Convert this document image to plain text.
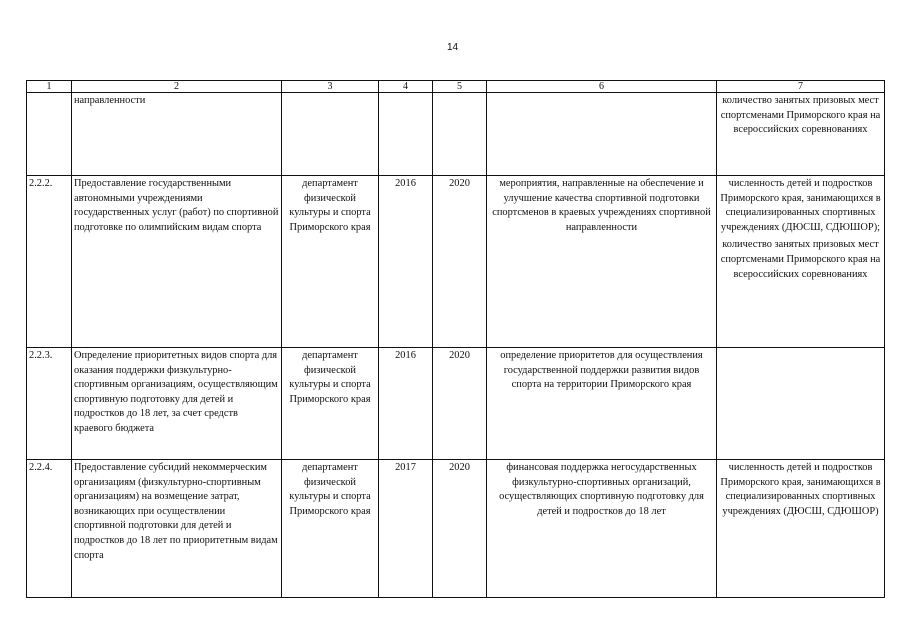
14
1	2	3	4	5	6	7
	направленности					количество занятых призовых мест спортсменами Приморского края на всероссийских соревнованиях

2.2.2.	Предоставление государственными автономными учреждениями государственных услуг (работ) по спортивной подготовке по олимпийским видам спорта	департамент физической культуры и спорта Приморского края	2016	2020	мероприятия, направленные на обеспечение и улучшение качества спортивной подготовки спортсменов в краевых учреждениях спортивной направленности	численность детей и подростков Приморского края, занимающихся в специализированных спортивных учреждениях (ДЮСШ, СДЮШОР);
количество занятых призовых мест спортсменами Приморского края на всероссийских соревнованиях

2.2.3.	Определение приоритетных видов спорта для оказания поддержки физкультурно-спортивным организациям, осуществляющим спортивную подготовку для детей и подростков до 18 лет, за счет средств краевого бюджета	департамент физической культуры и спорта Приморского края	2016	2020	определение приоритетов для осуществления государственной поддержки развития видов спорта на территории Приморского края	
2.2.4.	Предоставление субсидий некоммерческим организациям (физкультурно-спортивным организациям) на возмещение затрат, возникающих при осуществлении спортивной подготовки для детей и подростков до 18 лет по приоритетным видам спорта	департамент физической культуры и спорта Приморского края	2017	2020	финансовая поддержка негосударственных физкультурно-спортивных организаций, осуществляющих спортивную подготовку для детей и подростков до 18 лет	численность детей и подростков Приморского края, занимающихся в специализированных спортивных учреждениях (ДЮСШ, СДЮШОР)
